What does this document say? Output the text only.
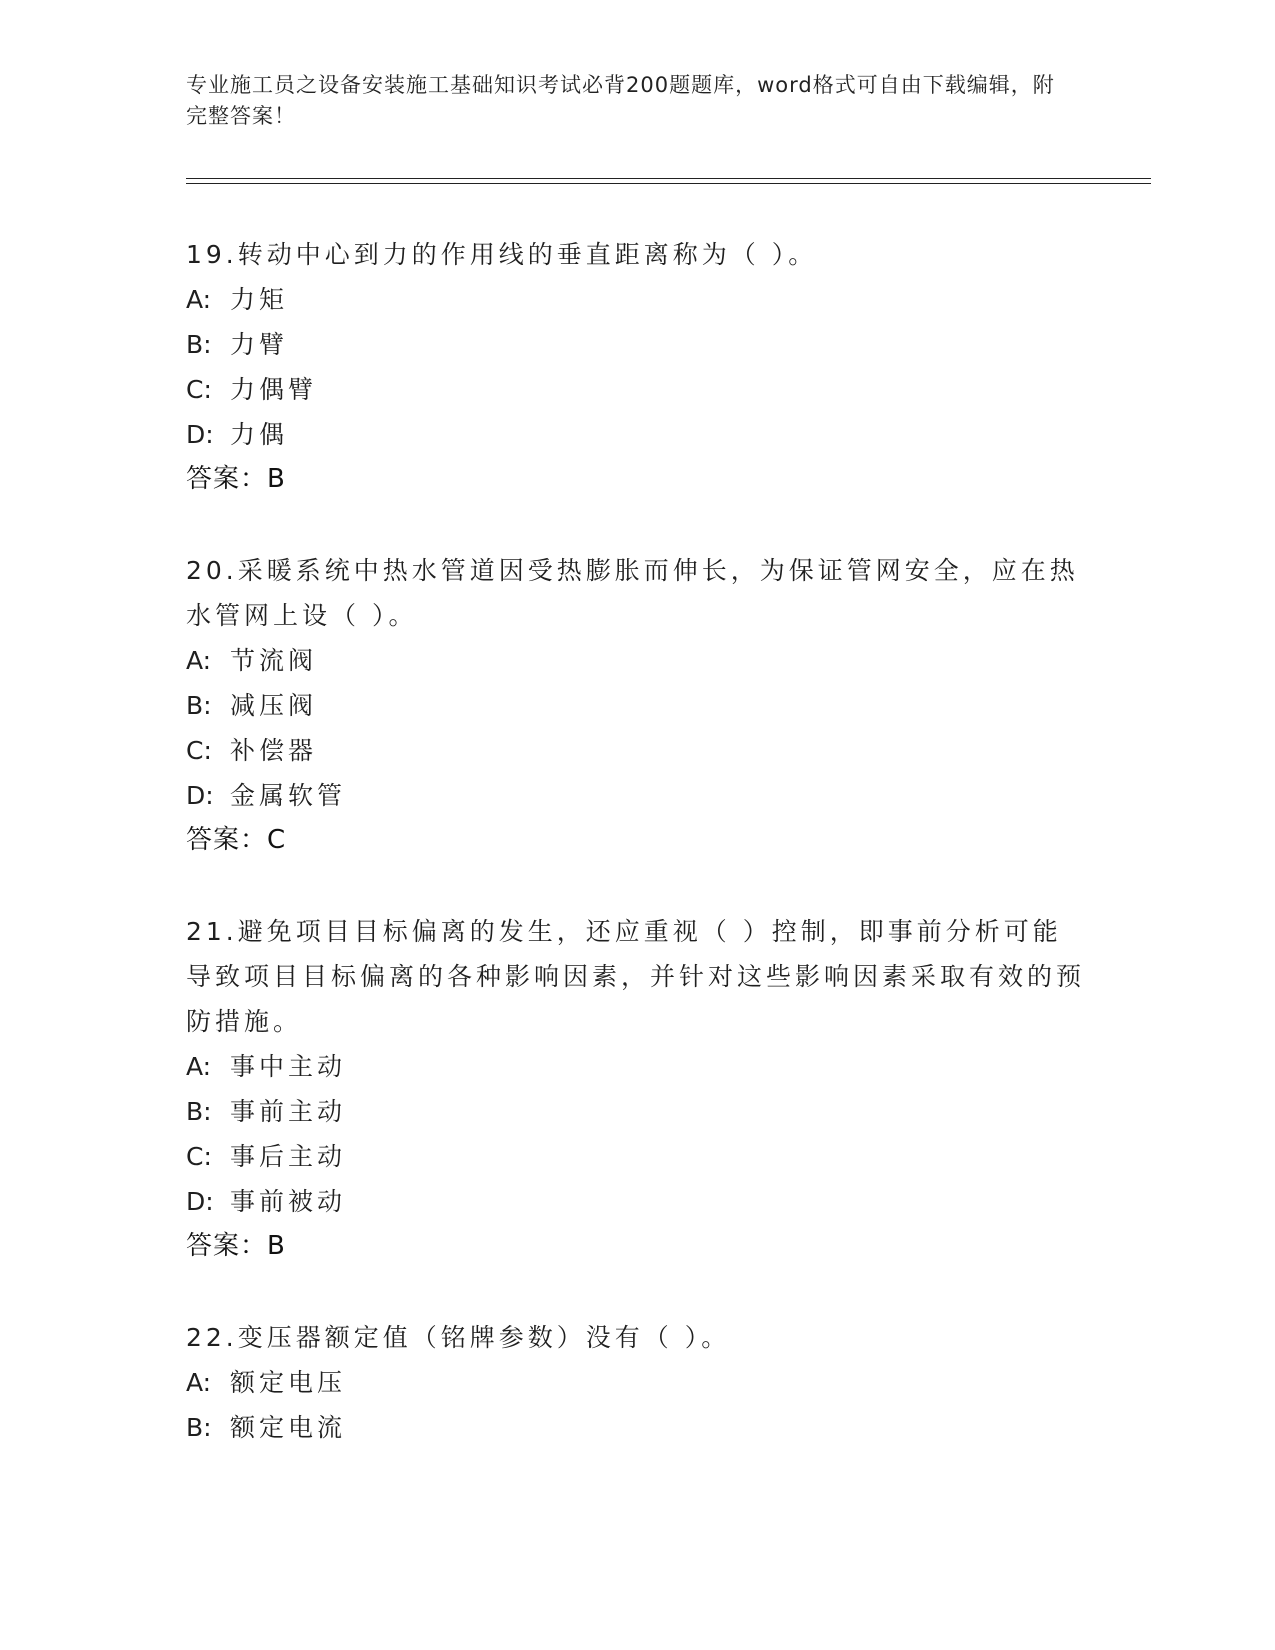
专业施工员之设备安装施工基础知识考试必背200题题库，word格式可自由下载编辑，附完整答案！
19.转动中心到力的作用线的垂直距离称为（ ）。
A: 力矩
B: 力臂
C: 力偶臂
D: 力偶
答案：B
20.采暖系统中热水管道因受热膨胀而伸长，为保证管网安全，应在热水管网上设（ ）。
A: 节流阀
B: 减压阀
C: 补偿器
D: 金属软管
答案：C
21.避免项目目标偏离的发生，还应重视（ ）控制，即事前分析可能导致项目目标偏离的各种影响因素，并针对这些影响因素采取有效的预防措施。
A: 事中主动
B: 事前主动
C: 事后主动
D: 事前被动
答案：B
22.变压器额定值（铭牌参数）没有（ ）。
A: 额定电压
B: 额定电流
